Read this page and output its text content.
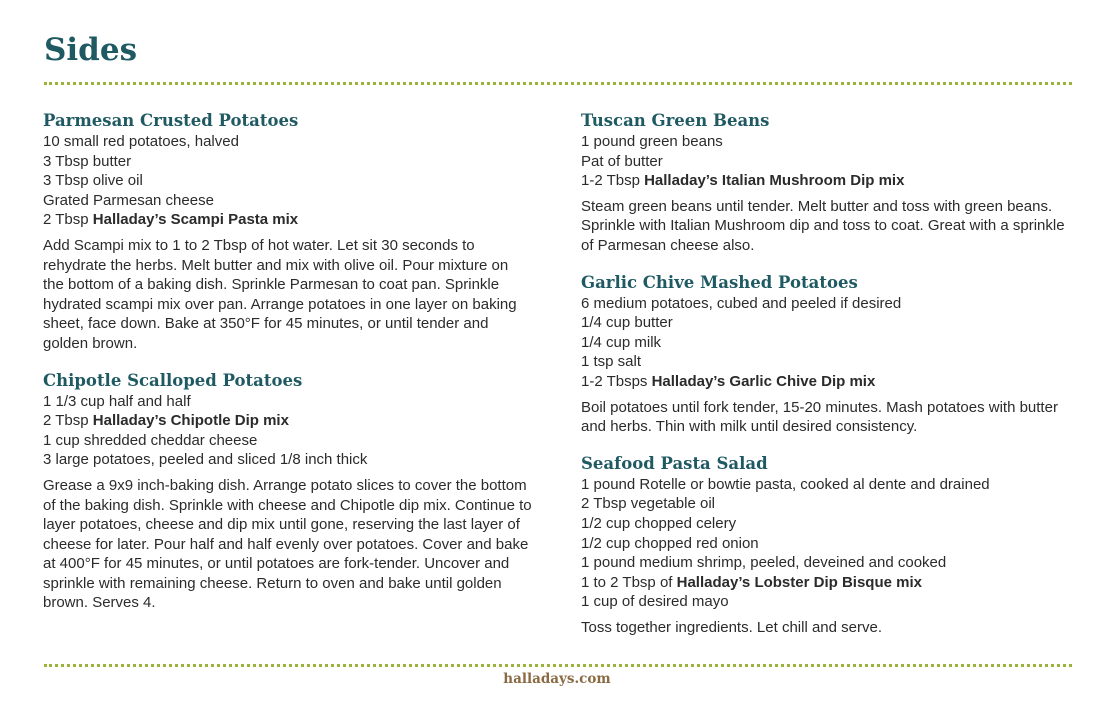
Sides
Parmesan Crusted Potatoes
10 small red potatoes, halved
3 Tbsp butter
3 Tbsp olive oil
Grated Parmesan cheese
2 Tbsp Halladay’s Scampi Pasta mix

Add Scampi mix to 1 to 2 Tbsp of hot water. Let sit 30 seconds to rehydrate the herbs. Melt butter and mix with olive oil. Pour mixture on the bottom of a baking dish. Sprinkle Parmesan to coat pan. Sprinkle hydrated scampi mix over pan. Arrange potatoes in one layer on baking sheet, face down. Bake at 350°F for 45 minutes, or until tender and golden brown.

Chipotle Scalloped Potatoes
1 1/3 cup half and half
2 Tbsp Halladay’s Chipotle Dip mix
1 cup shredded cheddar cheese
3 large potatoes, peeled and sliced 1/8 inch thick

Grease a 9x9 inch-baking dish. Arrange potato slices to cover the bottom of the baking dish. Sprinkle with cheese and Chipotle dip mix. Continue to layer potatoes, cheese and dip mix until gone, reserving the last layer of cheese for later. Pour half and half evenly over potatoes. Cover and bake at 400°F for 45 minutes, or until potatoes are fork-tender. Uncover and sprinkle with remaining cheese. Return to oven and bake until golden brown. Serves 4.

Tuscan Green Beans
1 pound green beans
Pat of butter
1-2 Tbsp Halladay’s Italian Mushroom Dip mix

Steam green beans until tender. Melt butter and toss with green beans. Sprinkle with Italian Mushroom dip and toss to coat. Great with a sprinkle of Parmesan cheese also.

Garlic Chive Mashed Potatoes
6 medium potatoes, cubed and peeled if desired
1/4 cup butter
1/4 cup milk
1 tsp salt
1-2 Tbsps Halladay’s Garlic Chive Dip mix

Boil potatoes until fork tender, 15-20 minutes. Mash potatoes with butter and herbs. Thin with milk until desired consistency.

Seafood Pasta Salad
1 pound Rotelle or bowtie pasta, cooked al dente and drained
2 Tbsp vegetable oil
1/2 cup chopped celery
1/2 cup chopped red onion
1 pound medium shrimp, peeled, deveined and cooked
1 to 2 Tbsp of Halladay’s Lobster Dip Bisque mix
1 cup of desired mayo

Toss together ingredients. Let chill and serve.

halladays.com
